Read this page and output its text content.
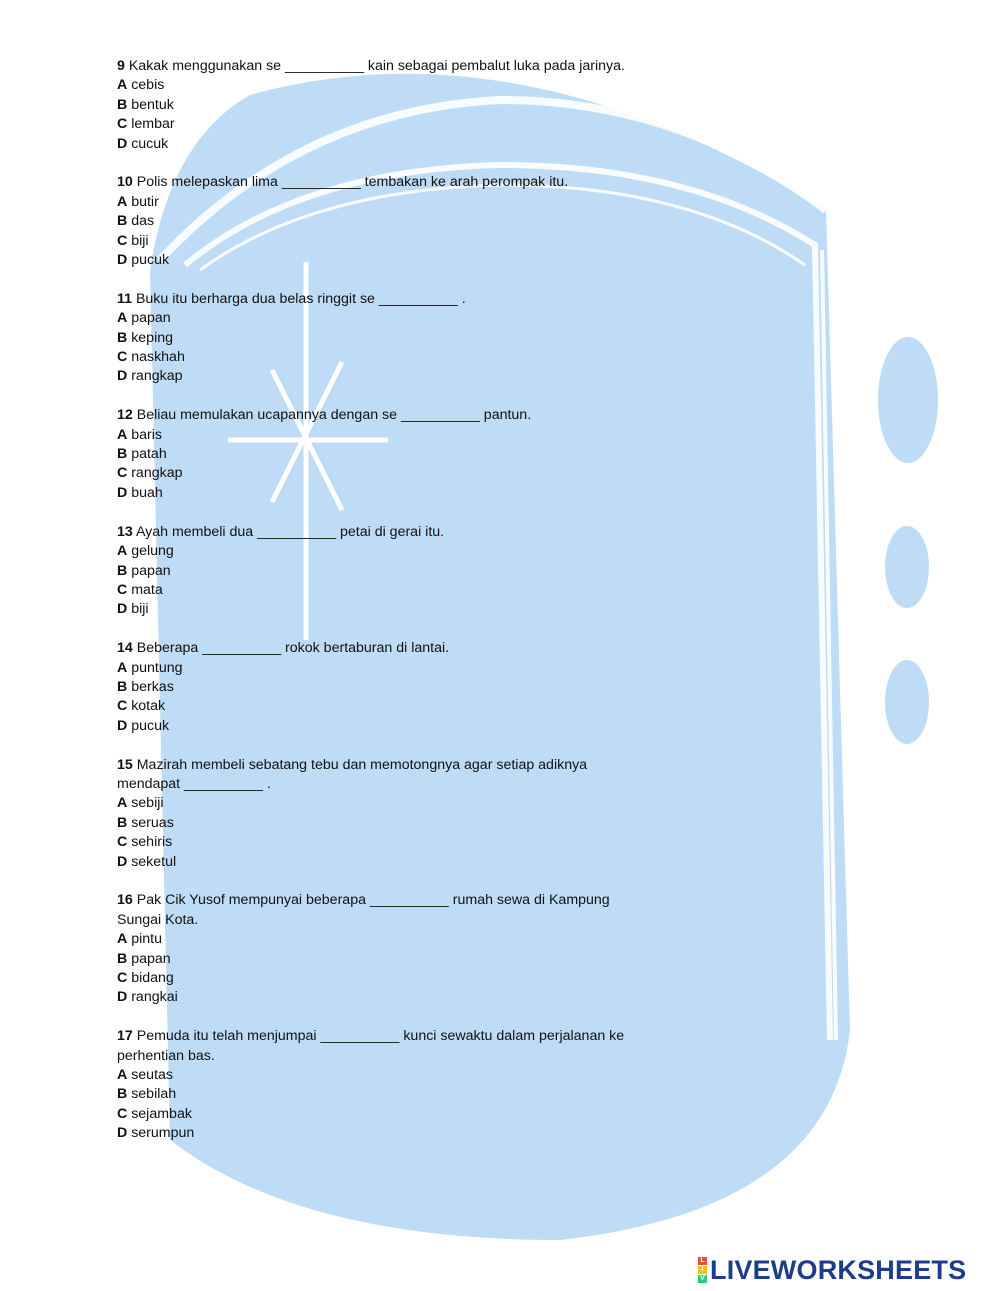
9 Kakak menggunakan se __________ kain sebagai pembalut luka pada jarinya.
A cebis
B bentuk
C lembar
D cucuk
10 Polis melepaskan lima __________ tembakan ke arah perompak itu.
A butir
B das
C biji
D pucuk
11 Buku itu berharga dua belas ringgit se __________ .
A papan
B keping
C naskhah
D rangkap
12 Beliau memulakan ucapannya dengan se __________ pantun.
A baris
B patah
C rangkap
D buah
13 Ayah membeli dua __________ petai di gerai itu.
A gelung
B papan
C mata
D biji
14 Beberapa __________ rokok bertaburan di lantai.
A puntung
B berkas
C kotak
D pucuk
15 Mazirah membeli sebatang tebu dan memotongnya agar setiap adiknya
mendapat __________ .
A sebiji
B seruas
C sehiris
D seketul
16 Pak Cik Yusof mempunyai beberapa __________ rumah sewa di Kampung
Sungai Kota.
A pintu
B papan
C bidang
D rangkai
17 Pemuda itu telah menjumpai __________ kunci sewaktu dalam perjalanan ke
perhentian bas.
A seutas
B sebilah
C sejambak
D serumpun
L
I
V LIVEWORKSHEETS
